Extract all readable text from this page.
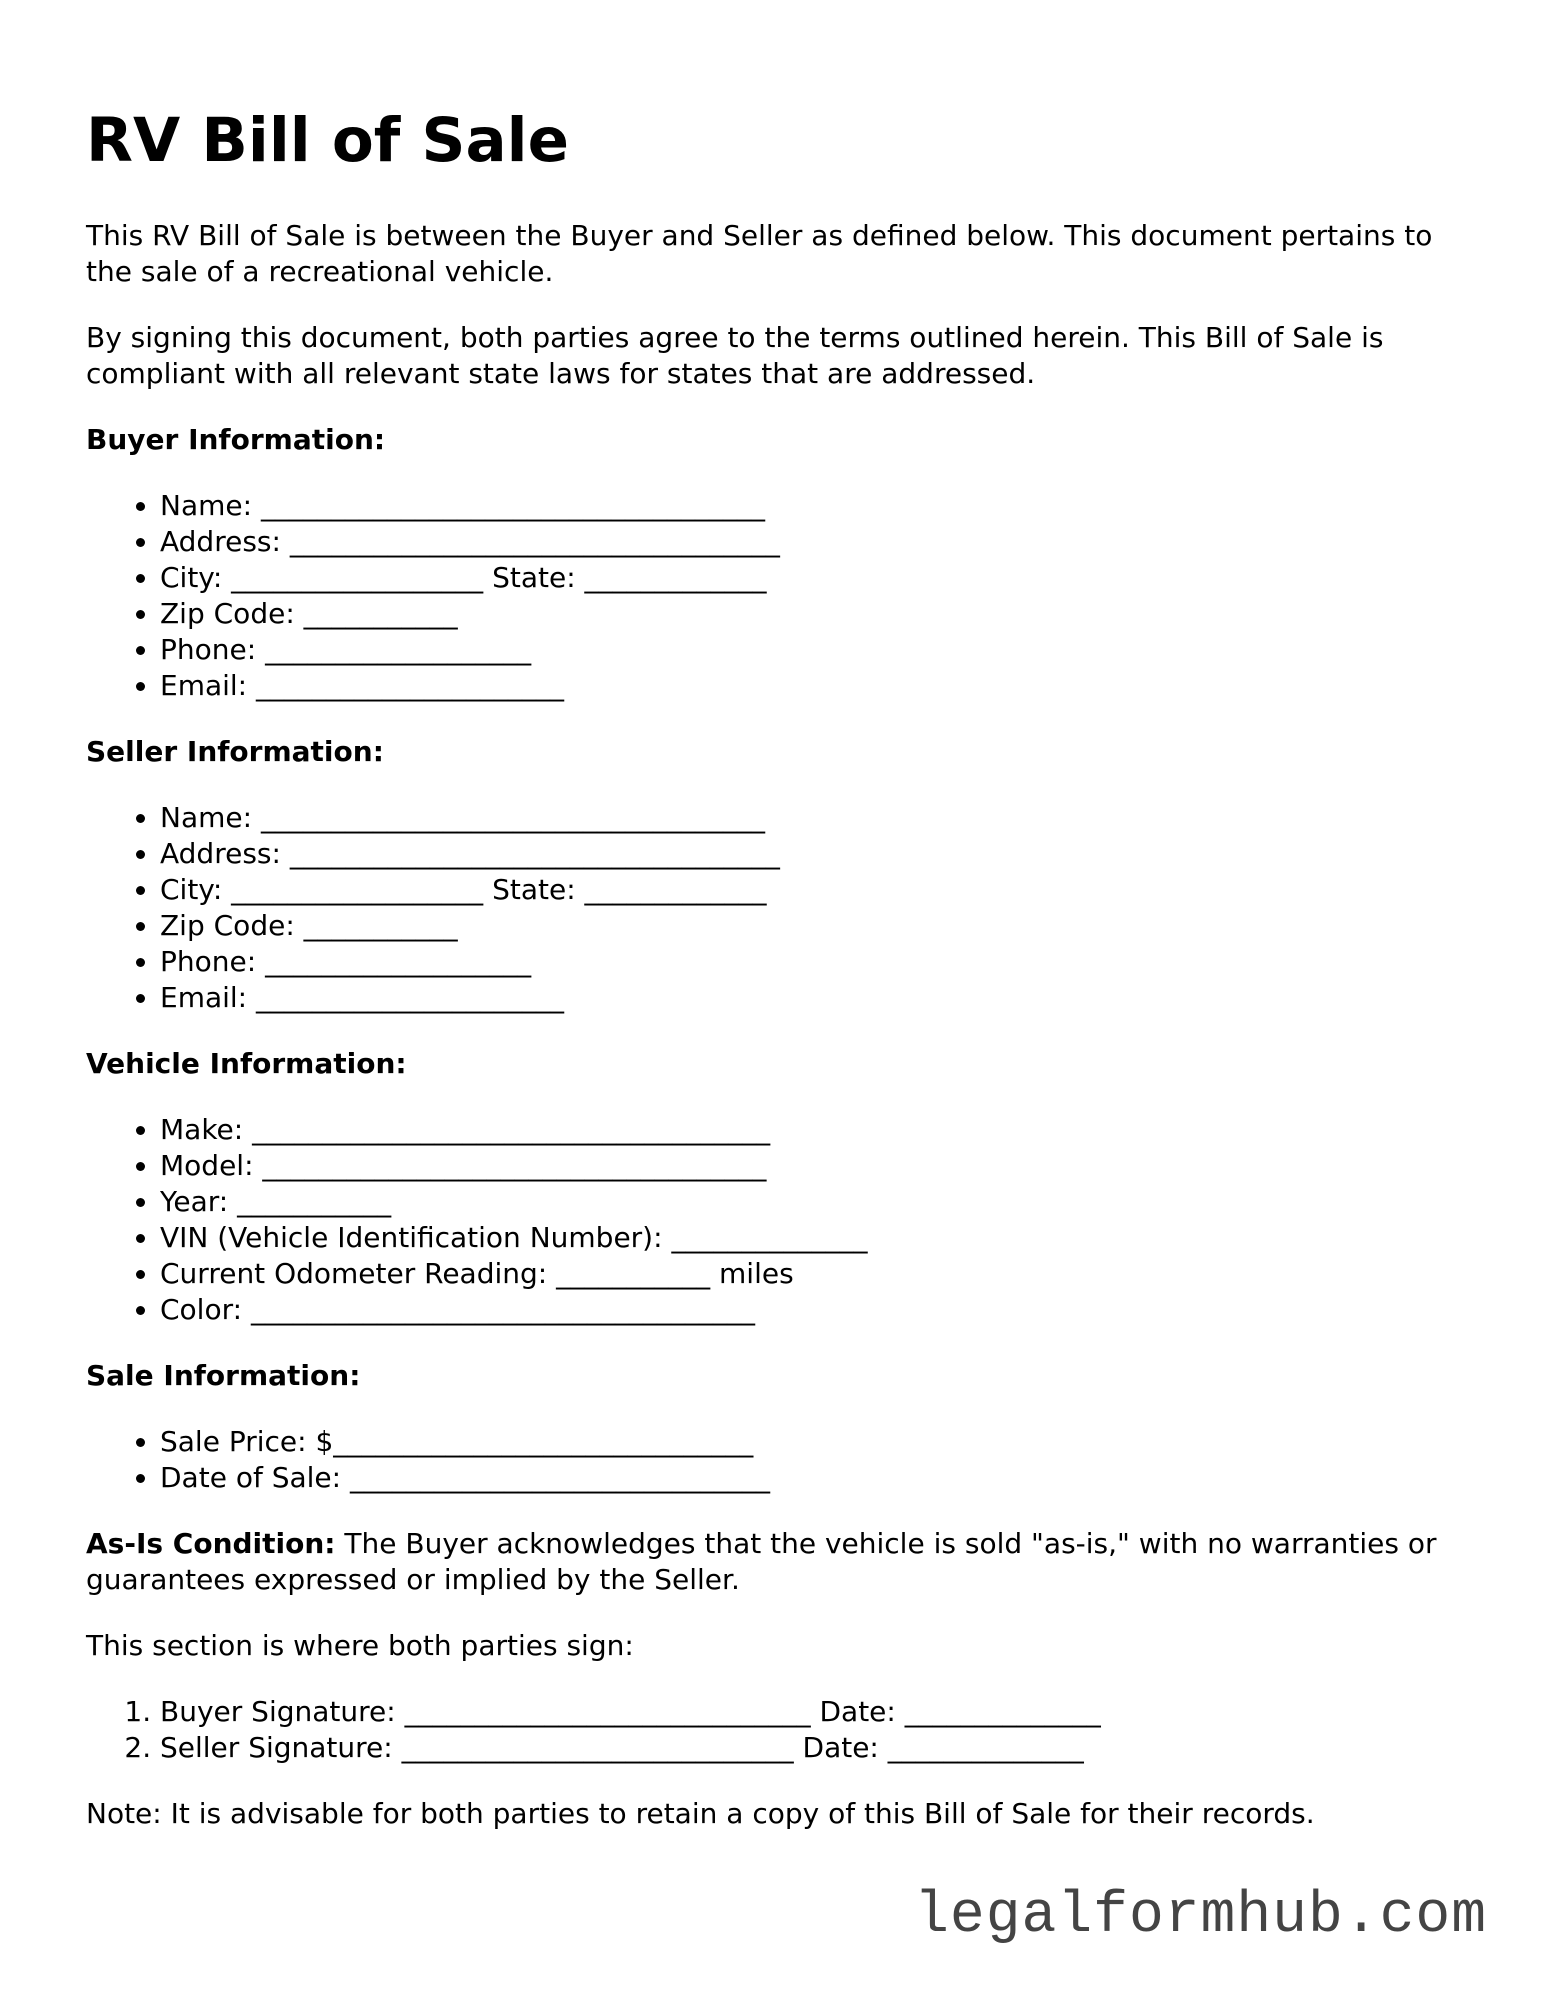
RV Bill of Sale

This RV Bill of Sale is between the Buyer and Seller as defined below. This document pertains to the sale of a recreational vehicle.

By signing this document, both parties agree to the terms outlined herein. This Bill of Sale is compliant with all relevant state laws for states that are addressed.

Buyer Information:
• Name: ____________________________________
• Address: ___________________________________
• City: __________________ State: _____________
• Zip Code: ___________
• Phone: ___________________
• Email: ______________________
Seller Information:
• Name: ____________________________________
• Address: ___________________________________
• City: __________________ State: _____________
• Zip Code: ___________
• Phone: ___________________
• Email: ______________________
Vehicle Information:
• Make: _____________________________________
• Model: ____________________________________
• Year: ___________
• VIN (Vehicle Identification Number): ______________
• Current Odometer Reading: ___________ miles
• Color: ____________________________________
Sale Information:
• Sale Price: $______________________________
• Date of Sale: ______________________________

As-Is Condition: The Buyer acknowledges that the vehicle is sold "as-is," with no warranties or guarantees expressed or implied by the Seller.

This section is where both parties sign:

1. Buyer Signature: _____________________________ Date: ______________
2. Seller Signature: ____________________________ Date: ______________

Note: It is advisable for both parties to retain a copy of this Bill of Sale for their records.

legalformhub.com
